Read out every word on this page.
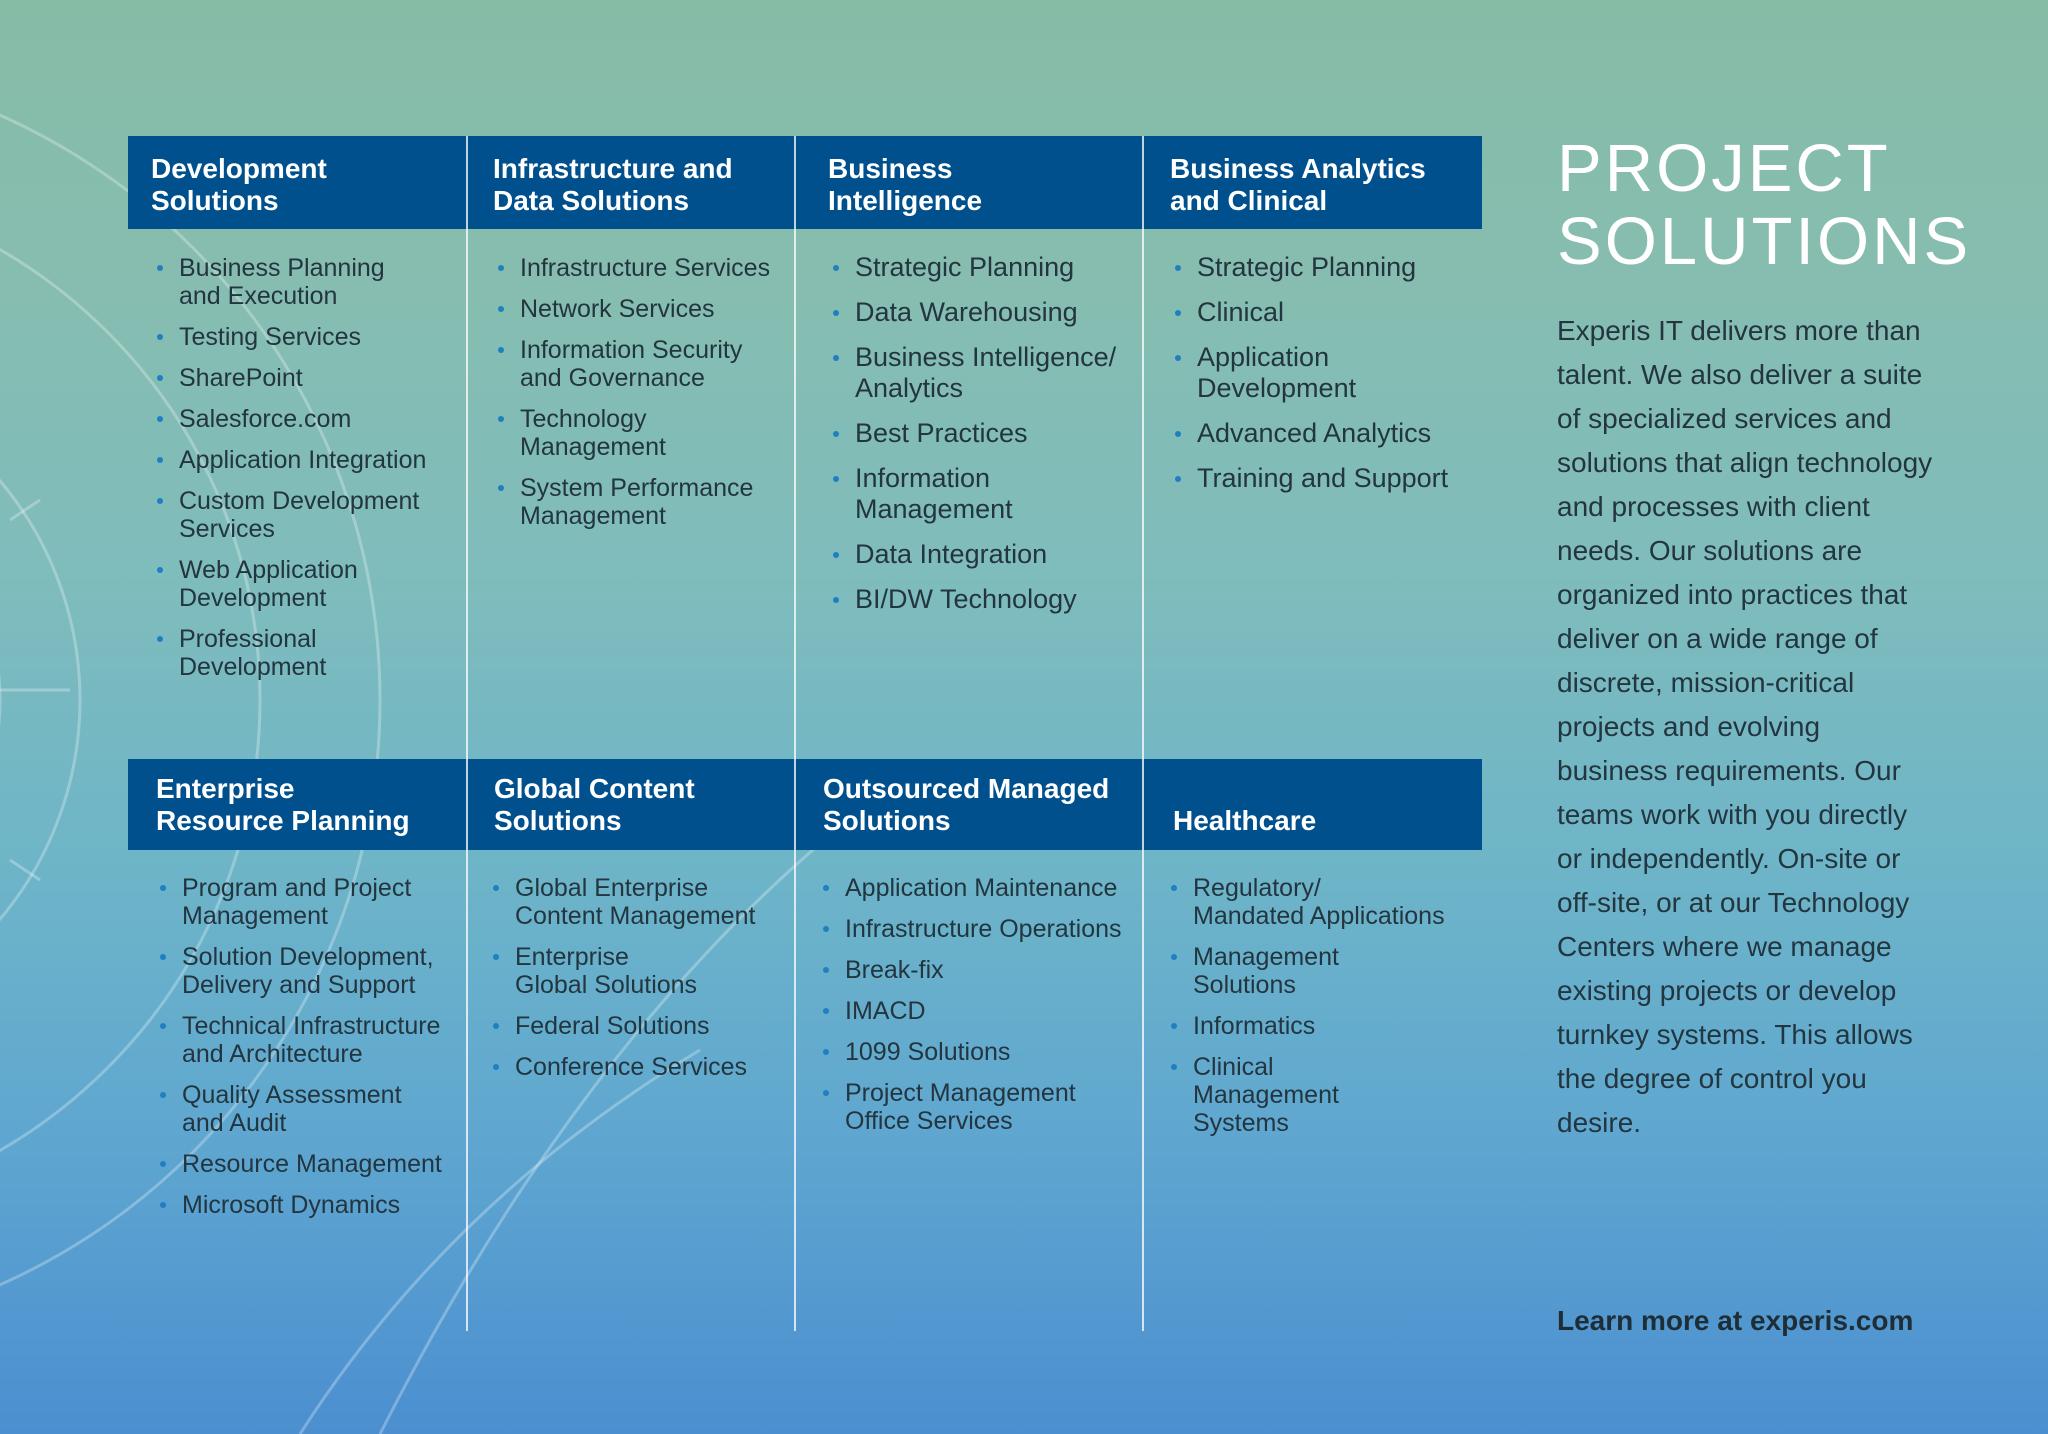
Development
Solutions
Infrastructure and
Data Solutions
Business
Intelligence
Business Analytics
and Clinical
Business Planning
and Execution
Testing Services
SharePoint
Salesforce.com
Application Integration
Custom Development
Services
Web Application
Development
Professional Development
Infrastructure Services
Network Services
Information Security
and Governance
Technology
Management
System Performance
Management
Strategic Planning
Data Warehousing
Business Intelligence/
Analytics
Best Practices
Information
Management
Data Integration
BI/DW Technology
Strategic Planning
Clinical
Application
Development
Advanced Analytics
Training and Support
Enterprise
Resource Planning
Global Content
Solutions
Outsourced Managed
Solutions	Healthcare
Program and Project
Management
Solution Development,
Delivery and Support
Technical Infrastructure
and Architecture
Quality Assessment
and Audit
Resource Management
Microsoft Dynamics
Global Enterprise
Content Management
Enterprise
Global Solutions
Federal Solutions
Conference Services
Application Maintenance
Infrastructure Operations
Break-fix
IMACD
1099 Solutions
Project Management
Office Services
Regulatory/
Mandated Applications
Management
Solutions
Informatics
Clinical
Management
Systems
PROJECT
SOLUTIONS

Experis IT delivers more than talent. We also deliver a suite of specialized services and solutions that align technology and processes with client needs. Our solutions are organized into practices that deliver on a wide range of discrete, mission-critical projects and evolving business requirements. Our teams work with you directly or independently. On-site or off-site, or at our Technology Centers where we manage existing projects or develop turnkey systems. This allows the degree of control you desire.

Learn more at experis.com
